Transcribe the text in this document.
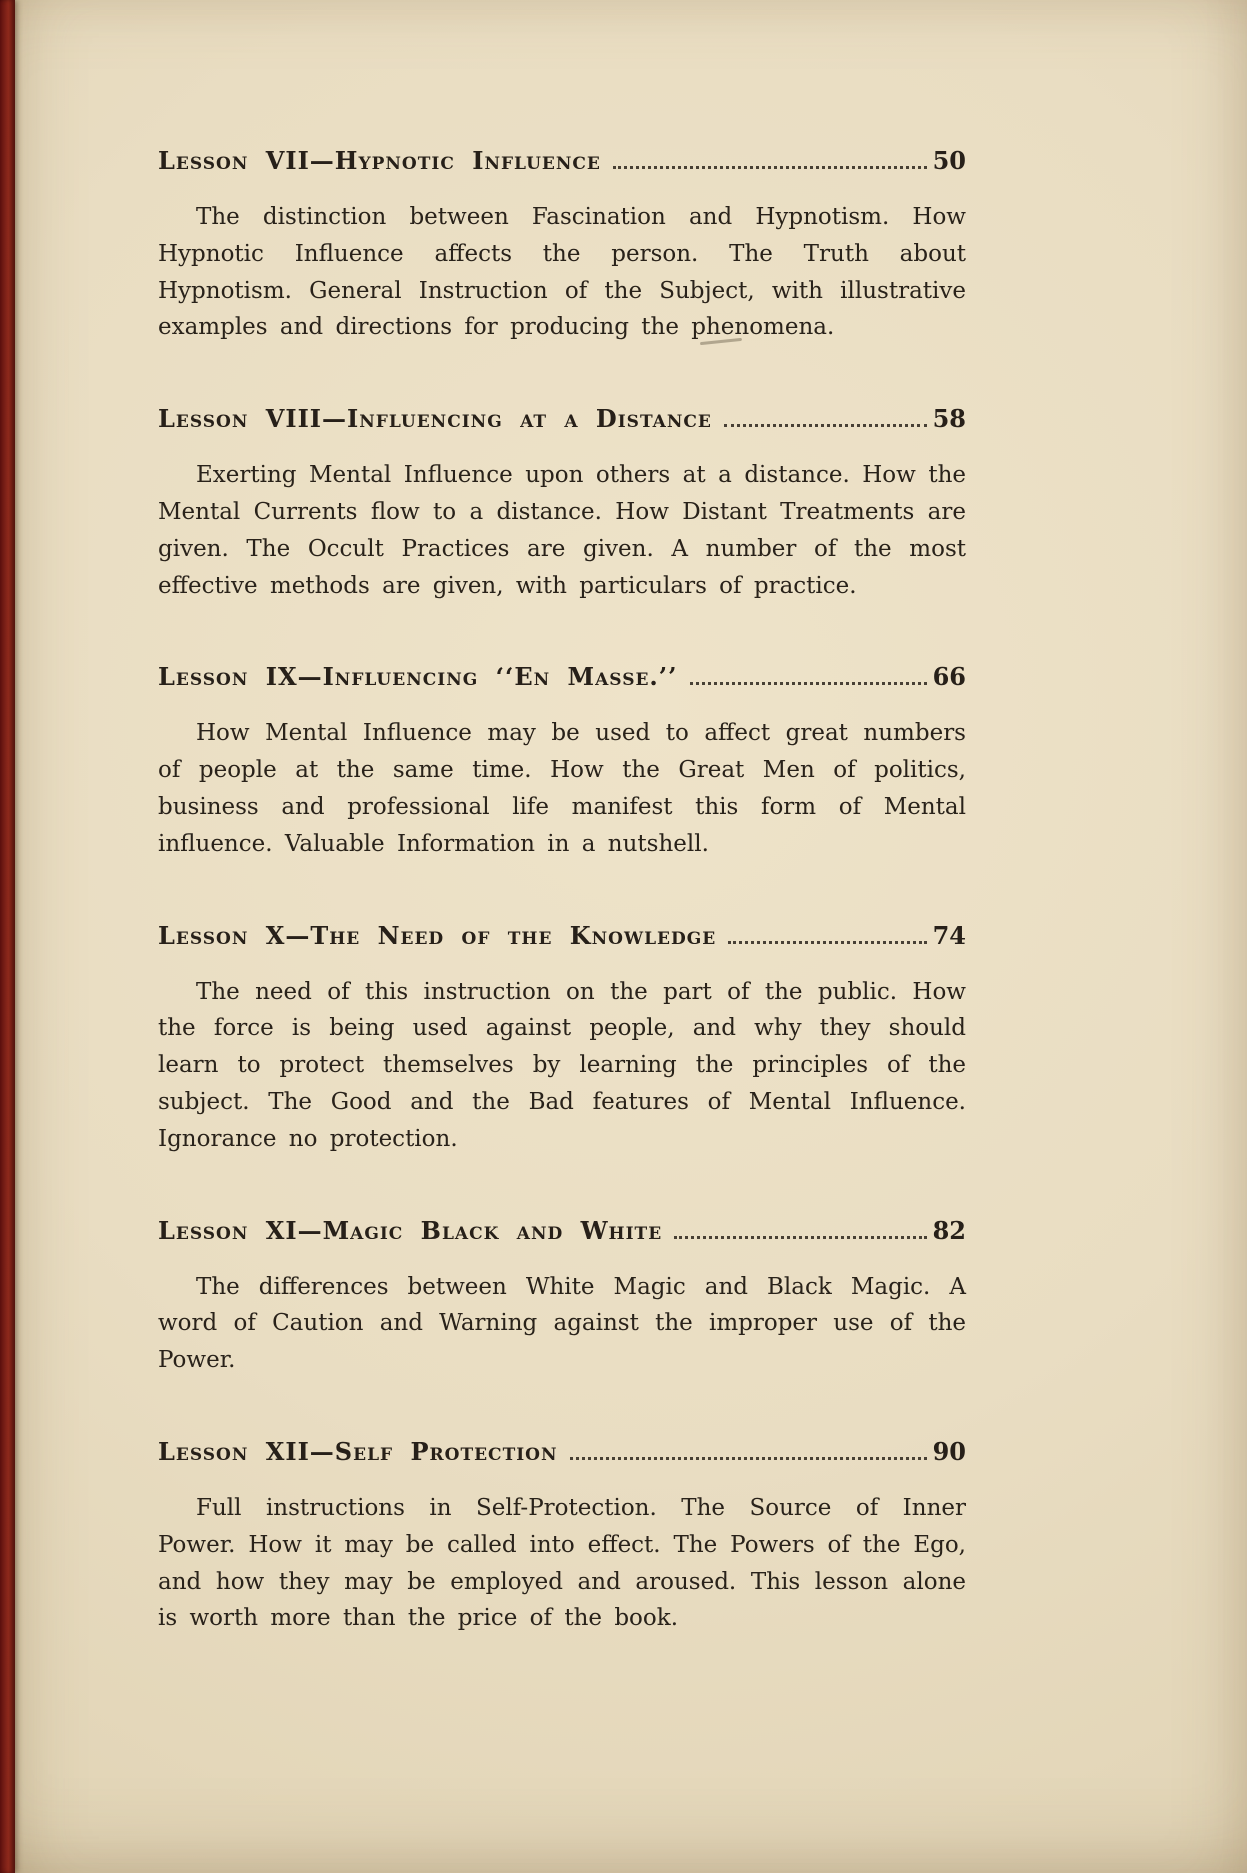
Lesson VII—Hypnotic Influence	50

The distinction between Fascination and Hypnotism. How Hypnotic Influence affects the person. The Truth about Hypnotism. General Instruction of the Subject, with illustrative examples and directions for producing the phenomena.

Lesson VIII—Influencing at a Distance	58

Exerting Mental Influence upon others at a distance. How the Mental Currents flow to a distance. How Distant Treatments are given. The Occult Practices are given. A number of the most effective methods are given, with particulars of practice.

Lesson IX—Influencing ‘‘En Masse.’’	66

How Mental Influence may be used to affect great numbers of people at the same time. How the Great Men of politics, business and professional life manifest this form of Mental influence. Valuable Information in a nutshell.

Lesson X—The Need of the Knowledge	74

The need of this instruction on the part of the public. How the force is being used against people, and why they should learn to protect themselves by learning the principles of the subject. The Good and the Bad features of Mental Influence. Ignorance no protection.

Lesson XI—Magic Black and White	82

The differences between White Magic and Black Magic. A word of Caution and Warning against the improper use of the Power.

Lesson XII—Self Protection	90

Full instructions in Self-Protection. The Source of Inner Power. How it may be called into effect. The Powers of the Ego, and how they may be employed and aroused. This lesson alone is worth more than the price of the book.
